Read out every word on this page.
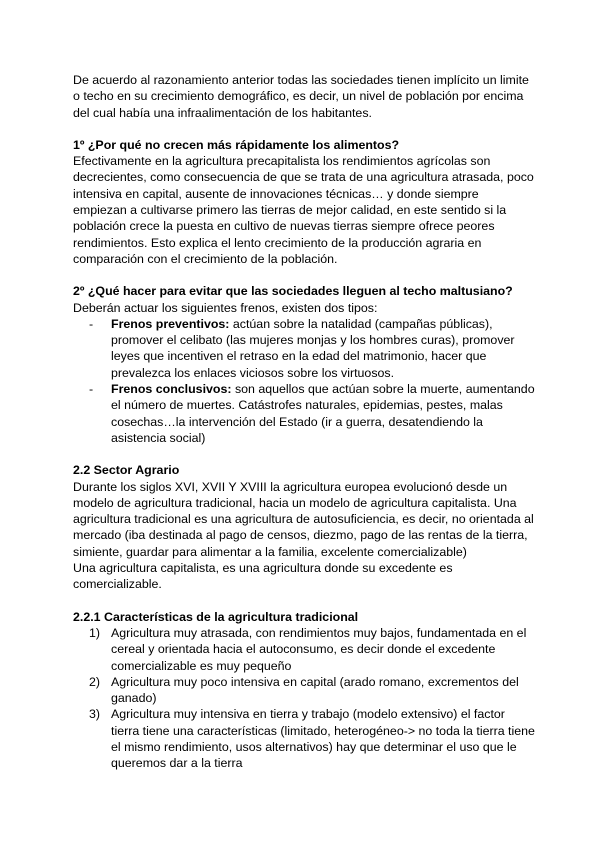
De acuerdo al razonamiento anterior todas las sociedades tienen implícito un limite o techo en su crecimiento demográfico, es decir, un nivel de población por encima del cual había una infraalimentación de los habitantes.

1º ¿Por qué no crecen más rápidamente los alimentos?

Efectivamente en la agricultura precapitalista los rendimientos agrícolas son decrecientes, como consecuencia de que se trata de una agricultura atrasada, poco intensiva en capital, ausente de innovaciones técnicas… y donde siempre empiezan a cultivarse primero las tierras de mejor calidad, en este sentido si la población crece la puesta en cultivo de nuevas tierras siempre ofrece peores rendimientos. Esto explica el lento crecimiento de la producción agraria en comparación con el crecimiento de la población.

2º ¿Qué hacer para evitar que las sociedades lleguen al techo maltusiano?

Deberán actuar los siguientes frenos, existen dos tipos:

- Frenos preventivos: actúan sobre la natalidad (campañas públicas), promover el celibato (las mujeres monjas y los hombres curas), promover leyes que incentiven el retraso en la edad del matrimonio, hacer que prevalezca los enlaces viciosos sobre los virtuosos.
- Frenos conclusivos: son aquellos que actúan sobre la muerte, aumentando el número de muertes. Catástrofes naturales, epidemias, pestes, malas cosechas…la intervención del Estado (ir a guerra, desatendiendo la asistencia social)
2.2 Sector Agrario

Durante los siglos XVI, XVII Y XVIII la agricultura europea evolucionó desde un modelo de agricultura tradicional, hacia un modelo de agricultura capitalista. Una agricultura tradicional es una agricultura de autosuficiencia, es decir, no orientada al mercado (iba destinada al pago de censos, diezmo, pago de las rentas de la tierra, simiente, guardar para alimentar a la familia, excelente comercializable)

Una agricultura capitalista, es una agricultura donde su excedente es comercializable.

2.2.1 Características de la agricultura tradicional
1) Agricultura muy atrasada, con rendimientos muy bajos, fundamentada en el cereal y orientada hacia el autoconsumo, es decir donde el excedente comercializable es muy pequeño
2) Agricultura muy poco intensiva en capital (arado romano, excrementos del ganado)
3) Agricultura muy intensiva en tierra y trabajo (modelo extensivo) el factor tierra tiene una características (limitado, heterogéneo-> no toda la tierra tiene el mismo rendimiento, usos alternativos) hay que determinar el uso que le queremos dar a la tierra
